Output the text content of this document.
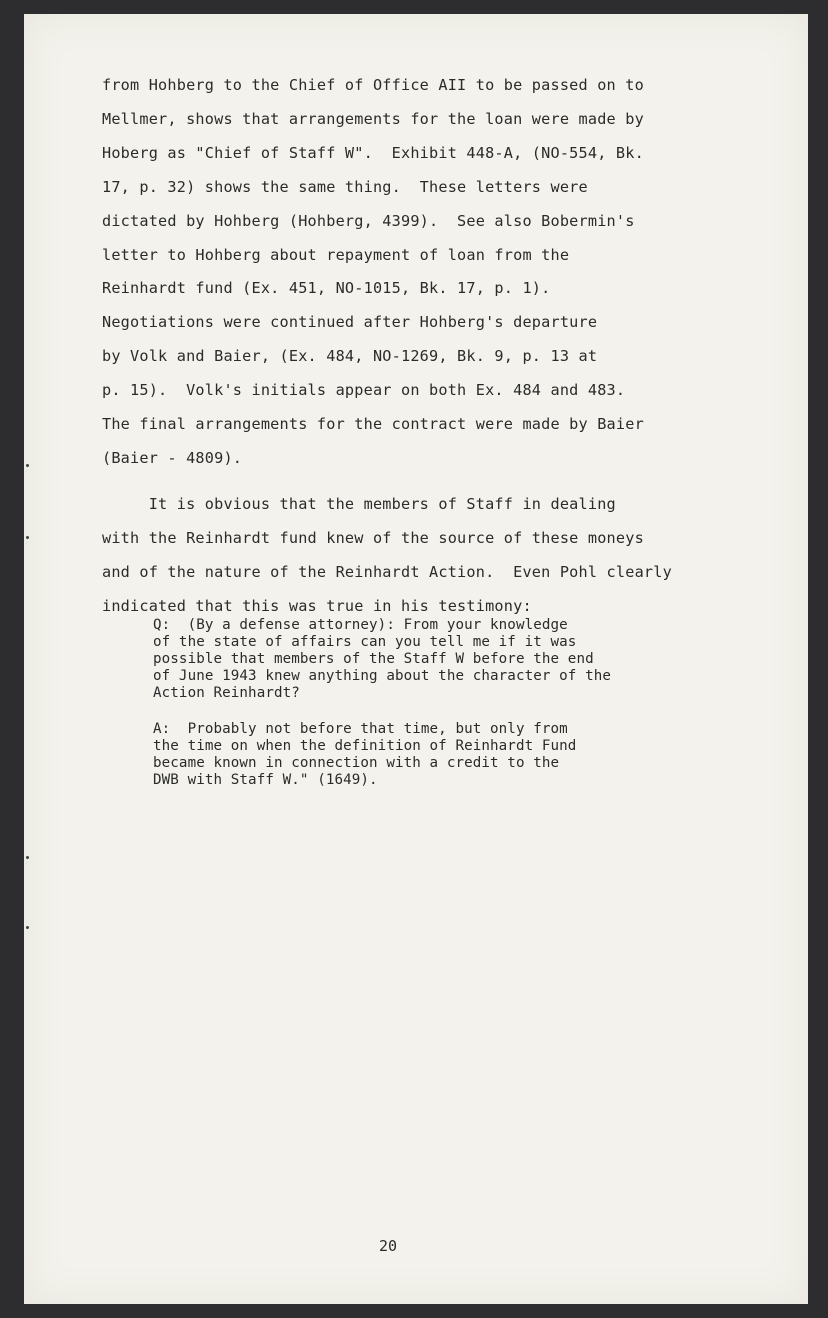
from Hohberg to the Chief of Office AII to be passed on to
Mellmer, shows that arrangements for the loan were made by
Hoberg as "Chief of Staff W".  Exhibit 448-A, (NO-554, Bk.
17, p. 32) shows the same thing.  These letters were
dictated by Hohberg (Hohberg, 4399).  See also Bobermin's
letter to Hohberg about repayment of loan from the
Reinhardt fund (Ex. 451, NO-1015, Bk. 17, p. 1).
Negotiations were continued after Hohberg's departure
by Volk and Baier, (Ex. 484, NO-1269, Bk. 9, p. 13 at
p. 15).  Volk's initials appear on both Ex. 484 and 483.
The final arrangements for the contract were made by Baier
(Baier - 4809).
It is obvious that the members of Staff in dealing
with the Reinhardt fund knew of the source of these moneys
and of the nature of the Reinhardt Action.  Even Pohl clearly
indicated that this was true in his testimony:
Q:  (By a defense attorney): From your knowledge
of the state of affairs can you tell me if it was
possible that members of the Staff W before the end
of June 1943 knew anything about the character of the
Action Reinhardt?
A:  Probably not before that time, but only from
the time on when the definition of Reinhardt Fund
became known in connection with a credit to the
DWB with Staff W." (1649).
20
